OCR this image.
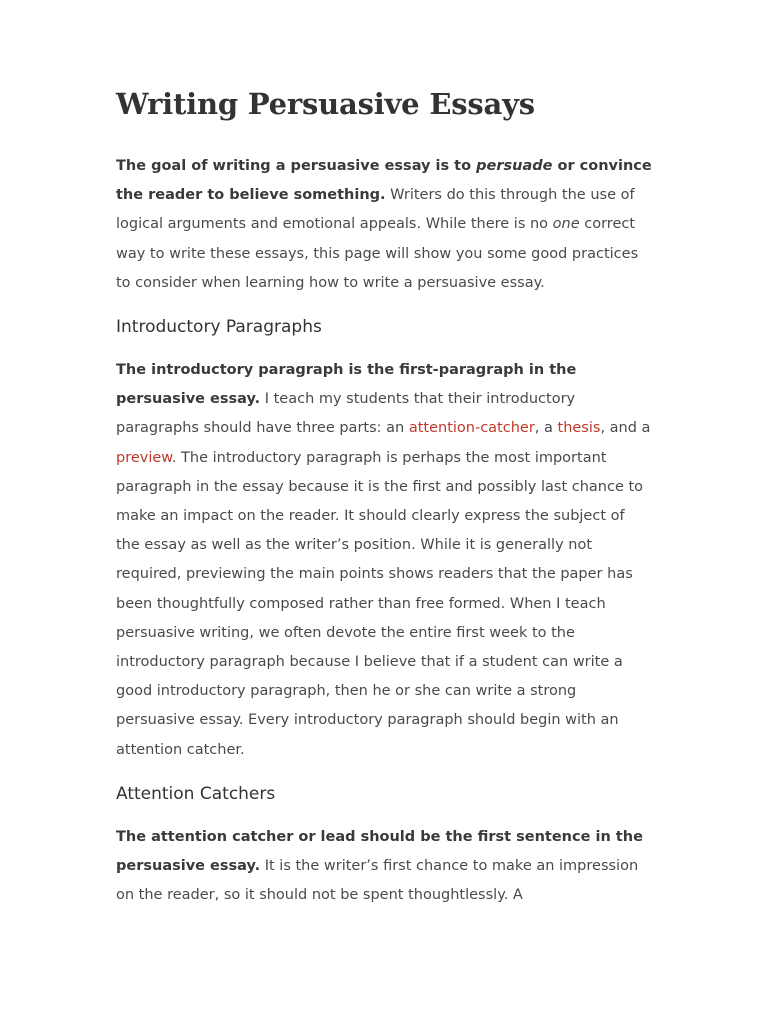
Writing Persuasive Essays

The goal of writing a persuasive essay is to persuade or convince the reader to believe something. Writers do this through the use of logical arguments and emotional appeals. While there is no one correct way to write these essays, this page will show you some good practices to consider when learning how to write a persuasive essay.

Introductory Paragraphs

The introductory paragraph is the first-paragraph in the persuasive essay. I teach my students that their introductory paragraphs should have three parts: an attention-catcher, a thesis, and a preview. The introductory paragraph is perhaps the most important paragraph in the essay because it is the first and possibly last chance to make an impact on the reader. It should clearly express the subject of the essay as well as the writer’s position. While it is generally not required, previewing the main points shows readers that the paper has been thoughtfully composed rather than free formed. When I teach persuasive writing, we often devote the entire first week to the introductory paragraph because I believe that if a student can write a good introductory paragraph, then he or she can write a strong persuasive essay. Every introductory paragraph should begin with an attention catcher.

Attention Catchers

The attention catcher or lead should be the first sentence in the persuasive essay. It is the writer’s first chance to make an impression on the reader, so it should not be spent thoughtlessly. A
